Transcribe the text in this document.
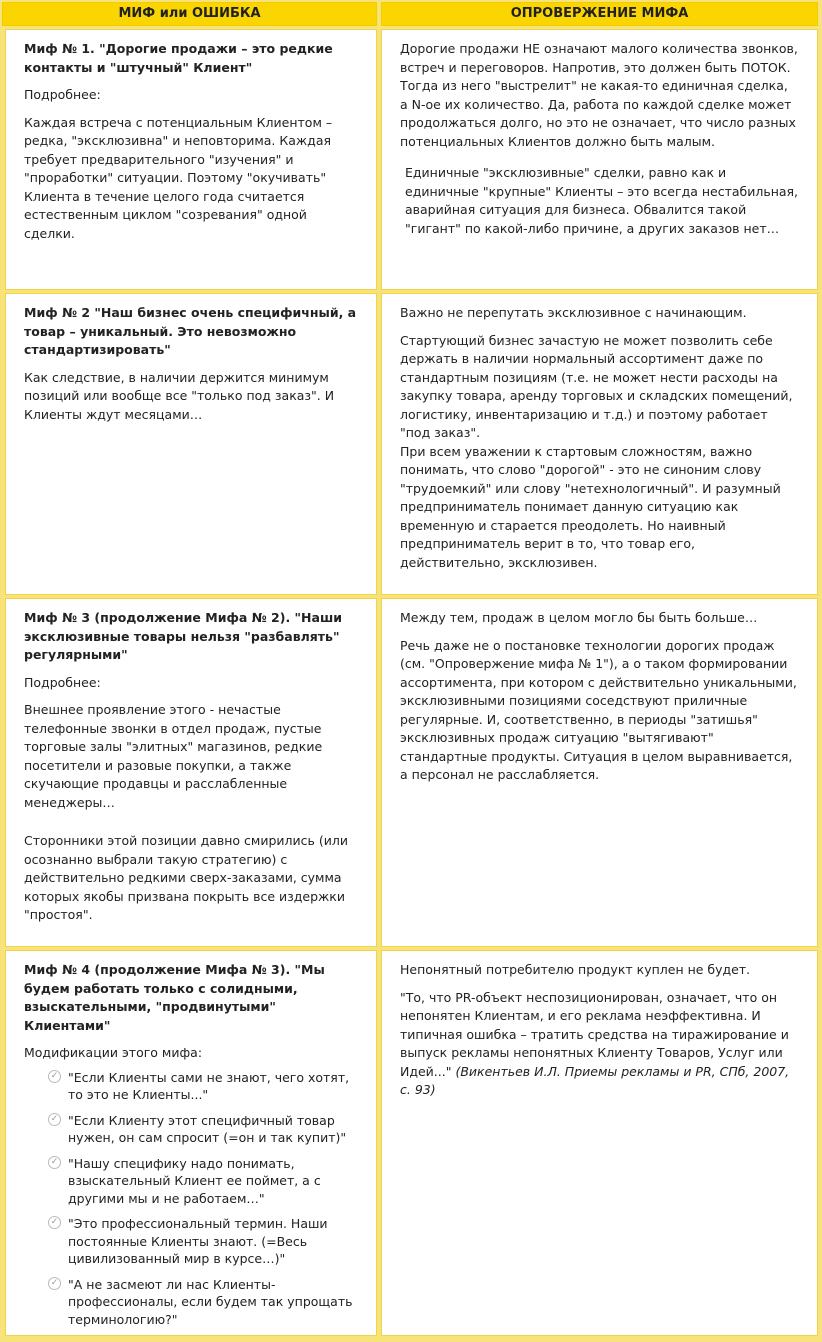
МИФ или ОШИБКА	ОПРОВЕРЖЕНИЕ МИФА

Миф № 1. "Дорогие продажи – это редкие контакты и "штучный" Клиент"

Подробнее:

Каждая встреча с потенциальным Клиентом – редка, "эксклюзивна" и неповторима. Каждая требует предварительного "изучения" и "проработки" ситуации. Поэтому "окучивать" Клиента в течение целого года считается естественным циклом "созревания" одной сделки.

Дорогие продажи НЕ означают малого количества звонков, встреч и переговоров. Напротив, это должен быть ПОТОК. Тогда из него "выстрелит" не какая-то единичная сделка, а N-ое их количество. Да, работа по каждой сделке может продолжаться долго, но это не означает, что число разных потенциальных Клиентов должно быть малым.

Единичные "эксклюзивные" сделки, равно как и единичные "крупные" Клиенты – это всегда нестабильная, аварийная ситуация для бизнеса. Обвалится такой "гигант" по какой-либо причине, а других заказов нет…

Миф № 2 "Наш бизнес очень специфичный, а товар – уникальный. Это невозможно стандартизировать"

Как следствие, в наличии держится минимум позиций или вообще все "только под заказ". И Клиенты ждут месяцами…

Важно не перепутать эксклюзивное с начинающим.

Стартующий бизнес зачастую не может позволить себе держать в наличии нормальный ассортимент даже по стандартным позициям (т.е. не может нести расходы на закупку товара, аренду торговых и складских помещений, логистику, инвентаризацию и т.д.) и поэтому работает "под заказ".

При всем уважении к стартовым сложностям, важно понимать, что слово "дорогой" - это не синоним слову "трудоемкий" или слову "нетехнологичный". И разумный предприниматель понимает данную ситуацию как временную и старается преодолеть. Но наивный предприниматель верит в то, что товар его, действительно, эксклюзивен.

Миф № 3 (продолжение Мифа № 2). "Наши эксклюзивные товары нельзя "разбавлять" регулярными"

Подробнее:

Внешнее проявление этого - нечастые телефонные звонки в отдел продаж, пустые торговые залы "элитных" магазинов, редкие посетители и разовые покупки, а также скучающие продавцы и расслабленные менеджеры…

Сторонники этой позиции давно смирились (или осознанно выбрали такую стратегию) с действительно редкими сверх-заказами, сумма которых якобы призвана покрыть все издержки "простоя".

Между тем, продаж в целом могло бы быть больше…

Речь даже не о постановке технологии дорогих продаж (см. "Опровержение мифа № 1"), а о таком формировании ассортимента, при котором с действительно уникальными, эксклюзивными позициями соседствуют приличные регулярные. И, соответственно, в периоды "затишья" эксклюзивных продаж ситуацию "вытягивают" стандартные продукты. Ситуация в целом выравнивается, а персонал не расслабляется.

Миф № 4 (продолжение Мифа № 3). "Мы будем работать только с солидными, взыскательными, "продвинутыми" Клиентами"

Модификации этого мифа:

✓ "Если Клиенты сами не знают, чего хотят, то это не Клиенты..."
✓ "Если Клиенту этот специфичный товар нужен, он сам спросит (=он и так купит)"
✓ "Нашу специфику надо понимать, взыскательный Клиент ее поймет, а с другими мы и не работаем…"
✓ "Это профессиональный термин. Наши постоянные Клиенты знают. (=Весь цивилизованный мир в курсе…)"
✓ "А не засмеют ли нас Клиенты-профессионалы, если будем так упрощать терминологию?"

Непонятный потребителю продукт куплен не будет.

"То, что PR-объект неспозиционирован, означает, что он непонятен Клиентам, и его реклама неэффективна. И типичная ошибка – тратить средства на тиражирование и выпуск рекламы непонятных Клиенту Товаров, Услуг или Идей..." (Викентьев И.Л. Приемы рекламы и PR, СПб, 2007, с. 93)
